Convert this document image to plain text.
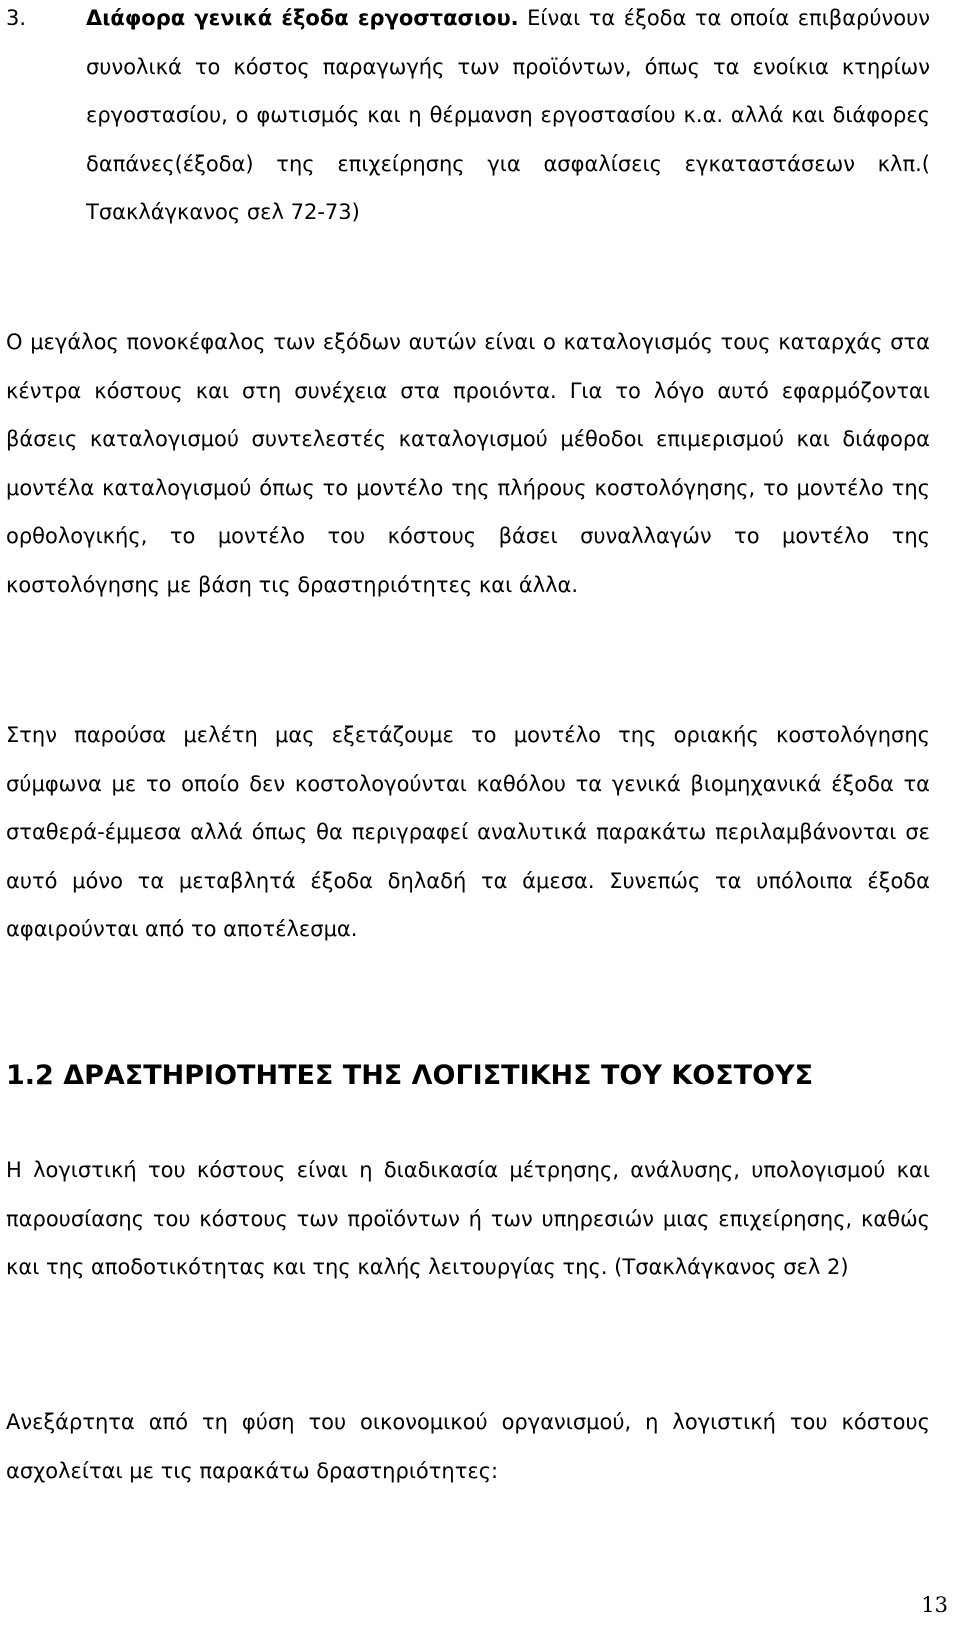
3.	Διάφορα γενικά έξοδα εργοστασιου. Είναι τα έξοδα τα οποία επιβαρύνουν συνολικά το κόστος παραγωγής των προϊόντων, όπως τα ενοίκια κτηρίων εργοστασίου, ο φωτισμός και η θέρμανση εργοστασίου κ.α. αλλά και διάφορες δαπάνες(έξοδα) της επιχείρησης για ασφαλίσεις εγκαταστάσεων κλπ.( Τσακλάγκανος σελ 72-73)

Ο μεγάλος πονοκέφαλος των εξόδων αυτών είναι ο καταλογισμός τους καταρχάς στα κέντρα κόστους και στη συνέχεια στα προιόντα. Για το λόγο αυτό εφαρμόζονται βάσεις καταλογισμού συντελεστές καταλογισμού μέθοδοι επιμερισμού και διάφορα μοντέλα καταλογισμού όπως το μοντέλο της πλήρους κοστολόγησης, το μοντέλο της ορθολογικής, το μοντέλο του κόστους βάσει συναλλαγών το μοντέλο της κοστολόγησης με βάση τις δραστηριότητες και άλλα.

Στην παρούσα μελέτη μας εξετάζουμε το μοντέλο της οριακής κοστολόγησης σύμφωνα με το οποίο δεν κοστολογούνται καθόλου τα γενικά βιομηχανικά έξοδα τα σταθερά-έμμεσα αλλά όπως θα περιγραφεί αναλυτικά παρακάτω περιλαμβάνονται σε αυτό μόνο τα μεταβλητά έξοδα δηλαδή τα άμεσα. Συνεπώς τα υπόλοιπα έξοδα αφαιρούνται από το αποτέλεσμα.

1.2 ΔΡΑΣΤΗΡΙΟΤΗΤΕΣ ΤΗΣ ΛΟΓΙΣΤΙΚΗΣ ΤΟΥ ΚΟΣΤΟΥΣ

Η λογιστική του κόστους είναι η διαδικασία μέτρησης, ανάλυσης, υπολογισμού και παρουσίασης του κόστους των προϊόντων ή των υπηρεσιών μιας επιχείρησης, καθώς και της αποδοτικότητας και της καλής λειτουργίας της. (Τσακλάγκανος σελ 2)

Ανεξάρτητα από τη φύση του οικονομικού οργανισμού, η λογιστική του κόστους ασχολείται με τις παρακάτω δραστηριότητες:

13
